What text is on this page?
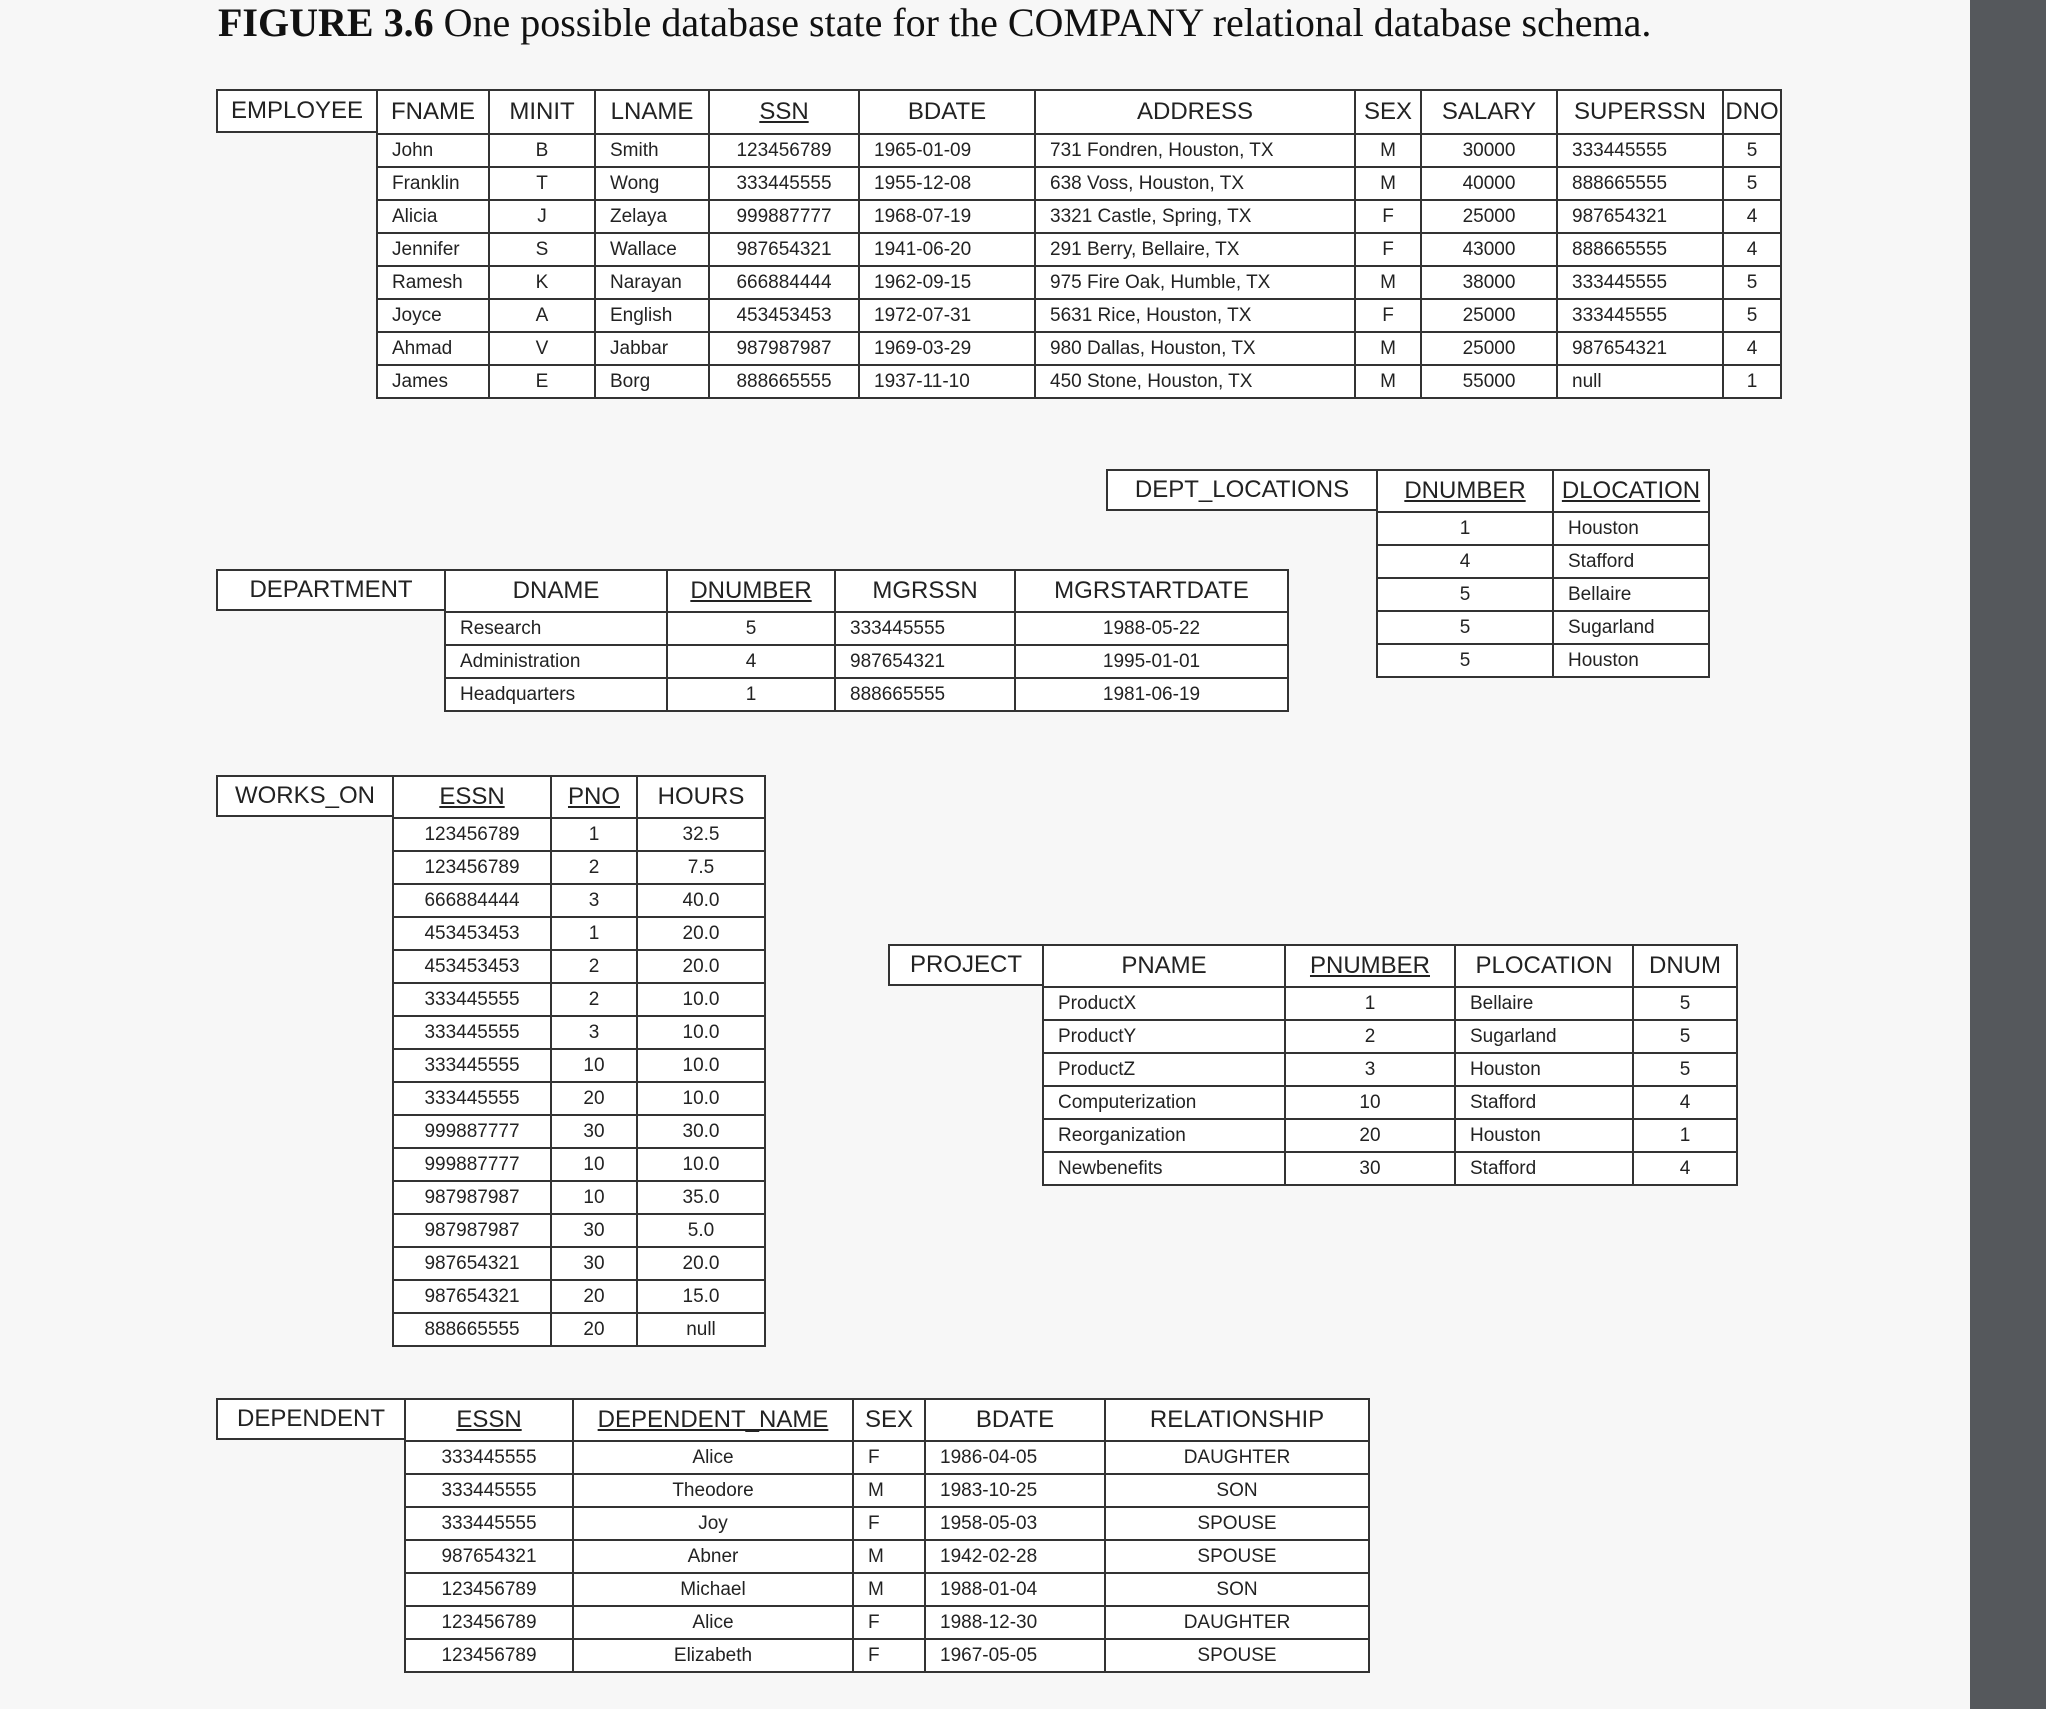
FIGURE 3.6 One possible database state for the COMPANY relational database schema.
EMPLOYEE	FNAME	MINIT	LNAME	SSN	BDATE	ADDRESS	SEX	SALARY	SUPERSSN	DNO
John	B	Smith	123456789	1965-01-09	731 Fondren, Houston, TX	M	30000	333445555	5
Franklin	T	Wong	333445555	1955-12-08	638 Voss, Houston, TX	M	40000	888665555	5
Alicia	J	Zelaya	999887777	1968-07-19	3321 Castle, Spring, TX	F	25000	987654321	4
Jennifer	S	Wallace	987654321	1941-06-20	291 Berry, Bellaire, TX	F	43000	888665555	4
Ramesh	K	Narayan	666884444	1962-09-15	975 Fire Oak, Humble, TX	M	38000	333445555	5
Joyce	A	English	453453453	1972-07-31	5631 Rice, Houston, TX	F	25000	333445555	5
Ahmad	V	Jabbar	987987987	1969-03-29	980 Dallas, Houston, TX	M	25000	987654321	4
James	E	Borg	888665555	1937-11-10	450 Stone, Houston, TX	M	55000	null	1
DEPT_LOCATIONS	DNUMBER	DLOCATION
1	Houston
4	Stafford
5	Bellaire
5	Sugarland
5	Houston
DEPARTMENT	DNAME	DNUMBER	MGRSSN	MGRSTARTDATE
Research	5	333445555	1988-05-22
Administration	4	987654321	1995-01-01
Headquarters	1	888665555	1981-06-19
WORKS_ON	ESSN	PNO	HOURS
123456789	1	32.5
123456789	2	7.5
666884444	3	40.0
453453453	1	20.0
453453453	2	20.0
333445555	2	10.0
333445555	3	10.0
333445555	10	10.0
333445555	20	10.0
999887777	30	30.0
999887777	10	10.0
987987987	10	35.0
987987987	30	5.0
987654321	30	20.0
987654321	20	15.0
888665555	20	null
PROJECT	PNAME	PNUMBER	PLOCATION	DNUM
ProductX	1	Bellaire	5
ProductY	2	Sugarland	5
ProductZ	3	Houston	5
Computerization	10	Stafford	4
Reorganization	20	Houston	1
Newbenefits	30	Stafford	4
DEPENDENT	ESSN	DEPENDENT_NAME	SEX	BDATE	RELATIONSHIP
333445555	Alice	F	1986-04-05	DAUGHTER
333445555	Theodore	M	1983-10-25	SON
333445555	Joy	F	1958-05-03	SPOUSE
987654321	Abner	M	1942-02-28	SPOUSE
123456789	Michael	M	1988-01-04	SON
123456789	Alice	F	1988-12-30	DAUGHTER
123456789	Elizabeth	F	1967-05-05	SPOUSE
